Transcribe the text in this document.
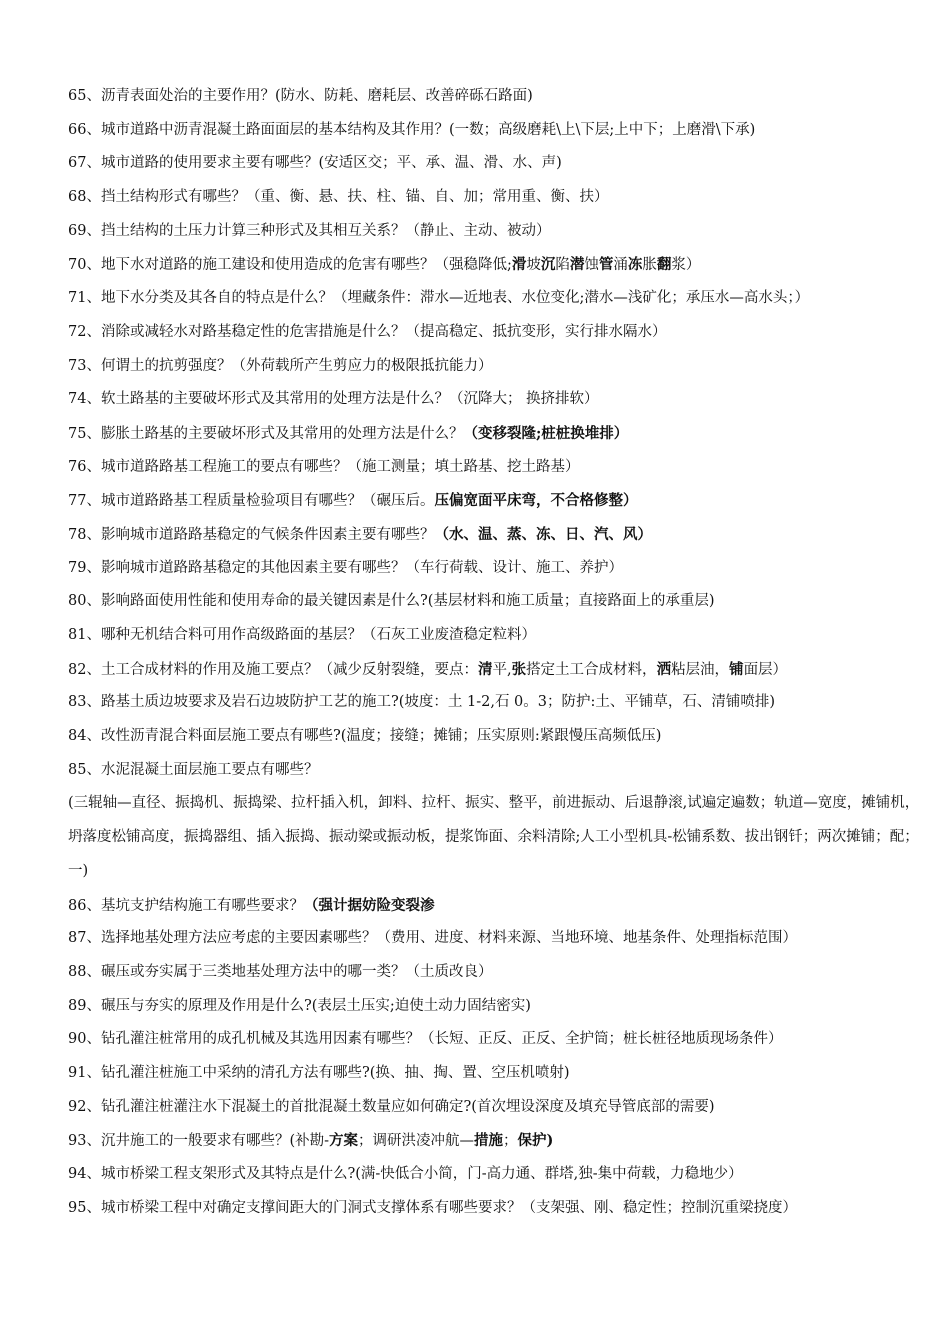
65、沥青表面处治的主要作用？(防水、防耗、磨耗层、改善碎砾石路面)
66、城市道路中沥青混凝土路面面层的基本结构及其作用？(一数；高级磨耗\上\下层;上中下；上磨滑\下承)
67、城市道路的使用要求主要有哪些？(安适区交；平、承、温、滑、水、声)
68、挡土结构形式有哪些？（重、衡、悬、扶、柱、锚、自、加；常用重、衡、扶）
69、挡土结构的土压力计算三种形式及其相互关系？（静止、主动、被动）
70、地下水对道路的施工建设和使用造成的危害有哪些？（强稳降低;滑坡沉陷潜蚀管涌冻胀翻浆）
71、地下水分类及其各自的特点是什么？（埋藏条件：滞水—近地表、水位变化;潜水—浅矿化；承压水—高水头；）
72、消除或减轻水对路基稳定性的危害措施是什么？（提高稳定、抵抗变形，实行排水隔水）
73、何谓土的抗剪强度？（外荷载所产生剪应力的极限抵抗能力）
74、软土路基的主要破坏形式及其常用的处理方法是什么？（沉降大； 换挤排软）
75、膨胀土路基的主要破坏形式及其常用的处理方法是什么？（变移裂隆;桩桩换堆排）
76、城市道路路基工程施工的要点有哪些？（施工测量；填土路基、挖土路基）
77、城市道路路基工程质量检验项目有哪些？（碾压后。压偏宽面平床弯，不合格修整）
78、影响城市道路路基稳定的气候条件因素主要有哪些？（水、温、蒸、冻、日、汽、风）
79、影响城市道路路基稳定的其他因素主要有哪些？（车行荷载、设计、施工、养护）
80、影响路面使用性能和使用寿命的最关键因素是什么?(基层材料和施工质量；直接路面上的承重层)
81、哪种无机结合料可用作高级路面的基层？（石灰工业废渣稳定粒料）
82、土工合成材料的作用及施工要点？（减少反射裂缝，要点：清平,张搭定土工合成材料，洒粘层油，铺面层）
83、路基土质边坡要求及岩石边坡防护工艺的施工?(坡度：土 1-2,石 0。3；防护:土、平铺草，石、清铺喷排)
84、改性沥青混合料面层施工要点有哪些?(温度；接缝；摊铺；压实原则:紧跟慢压高频低压)
85、水泥混凝土面层施工要点有哪些？
(三辊轴—直径、振捣机、振捣梁、拉杆插入机，卸料、拉杆、振实、整平，前进振动、后退静滚,试遍定遍数；轨道—宽度，摊铺机，坍落度松铺高度，振捣器组、插入振捣、振动梁或振动板，提浆饰面、余料清除;人工小型机具-松铺系数、拔出钢钎；两次摊铺；配；一)
86、基坑支护结构施工有哪些要求？（强计据妨险变裂渗
87、选择地基处理方法应考虑的主要因素哪些？（费用、进度、材料来源、当地环境、地基条件、处理指标范围）
88、碾压或夯实属于三类地基处理方法中的哪一类？（土质改良）
89、碾压与夯实的原理及作用是什么?(表层土压实;迫使土动力固结密实)
90、钻孔灌注桩常用的成孔机械及其选用因素有哪些？（长短、正反、正反、全护筒；桩长桩径地质现场条件）
91、钻孔灌注桩施工中采纳的清孔方法有哪些?(换、抽、掏、置、空压机喷射)
92、钻孔灌注桩灌注水下混凝土的首批混凝土数量应如何确定?(首次埋设深度及填充导管底部的需要)
93、沉井施工的一般要求有哪些？(补勘-方案；调研洪凌冲航—措施；保护)
94、城市桥梁工程支架形式及其特点是什么?(满-快低合小简，门-高力通、群塔,独-集中荷载，力稳地少）
95、城市桥梁工程中对确定支撑间距大的门洞式支撑体系有哪些要求？（支架强、刚、稳定性；控制沉重梁挠度）
